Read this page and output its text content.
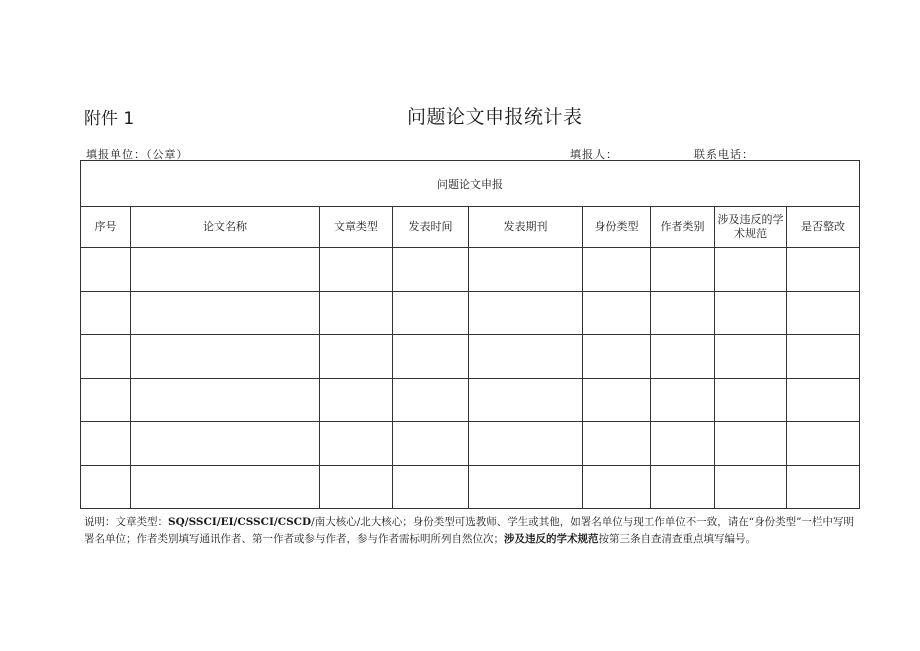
附件 1	问题论文申报统计表
填报单位：（公章）	填报人：	联系电话：
问题论文申报								
序号	论文名称	文章类型	发表时间	发表期刊	身份类型	作者类别	涉及违反的学术规范	是否整改

说明：文章类型：SQ/SSCI/EI/CSSCI/CSCD/南大核心/北大核心；身份类型可选教师、学生或其他，如署名单位与现工作单位不一致，请在“身份类型”一栏中写明署名单位；作者类别填写通讯作者、第一作者或参与作者，参与作者需标明所列自然位次；涉及违反的学术规范按第三条自查清查重点填写编号。
